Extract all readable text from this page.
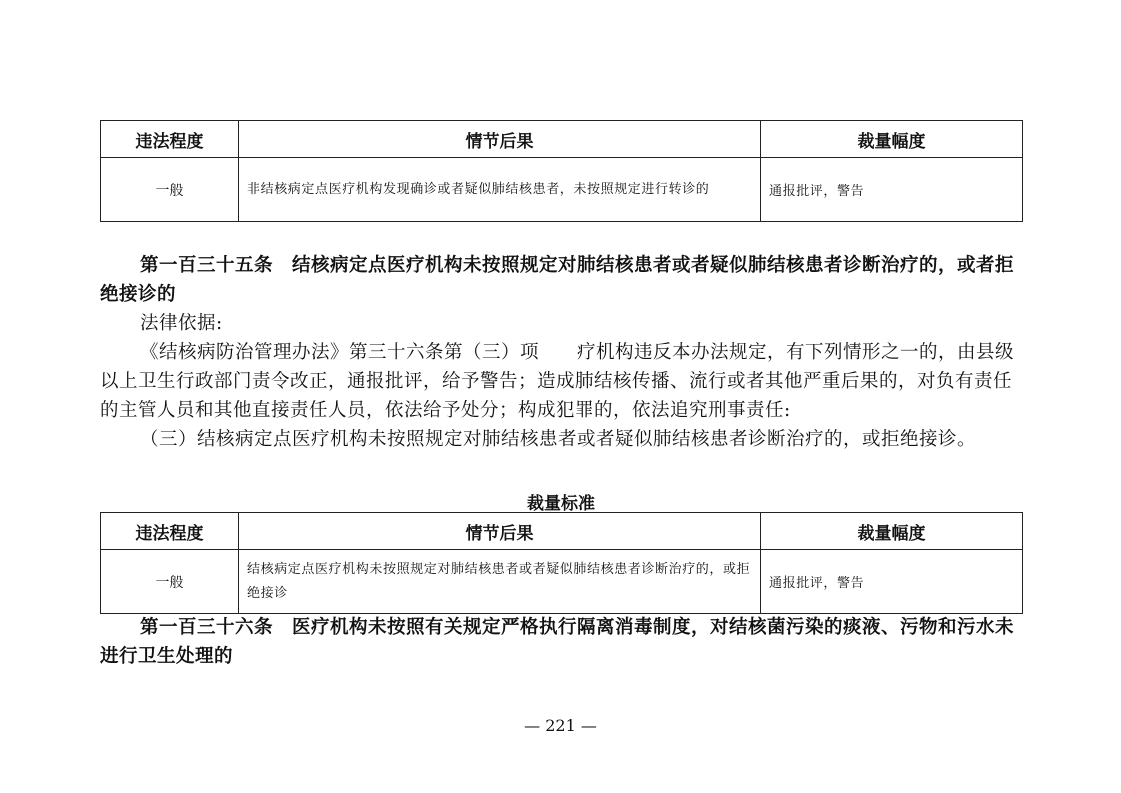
违法程度	情节后果	裁量幅度
一般	非结核病定点医疗机构发现确诊或者疑似肺结核患者，未按照规定进行转诊的	通报批评，警告

第一百三十五条　结核病定点医疗机构未按照规定对肺结核患者或者疑似肺结核患者诊断治疗的，或者拒绝接诊的

法律依据:

《结核病防治管理办法》第三十六条第（三）项　　疗机构违反本办法规定，有下列情形之一的，由县级以上卫生行政部门责令改正，通报批评，给予警告；造成肺结核传播、流行或者其他严重后果的，对负有责任的主管人员和其他直接责任人员，依法给予处分；构成犯罪的，依法追究刑事责任:

（三）结核病定点医疗机构未按照规定对肺结核患者或者疑似肺结核患者诊断治疗的，或拒绝接诊。

裁量标准

违法程度	情节后果	裁量幅度
一般	结核病定点医疗机构未按照规定对肺结核患者或者疑似肺结核患者诊断治疗的，或拒绝接诊	通报批评，警告

第一百三十六条　医疗机构未按照有关规定严格执行隔离消毒制度，对结核菌污染的痰液、污物和污水未进行卫生处理的

— 221 —
